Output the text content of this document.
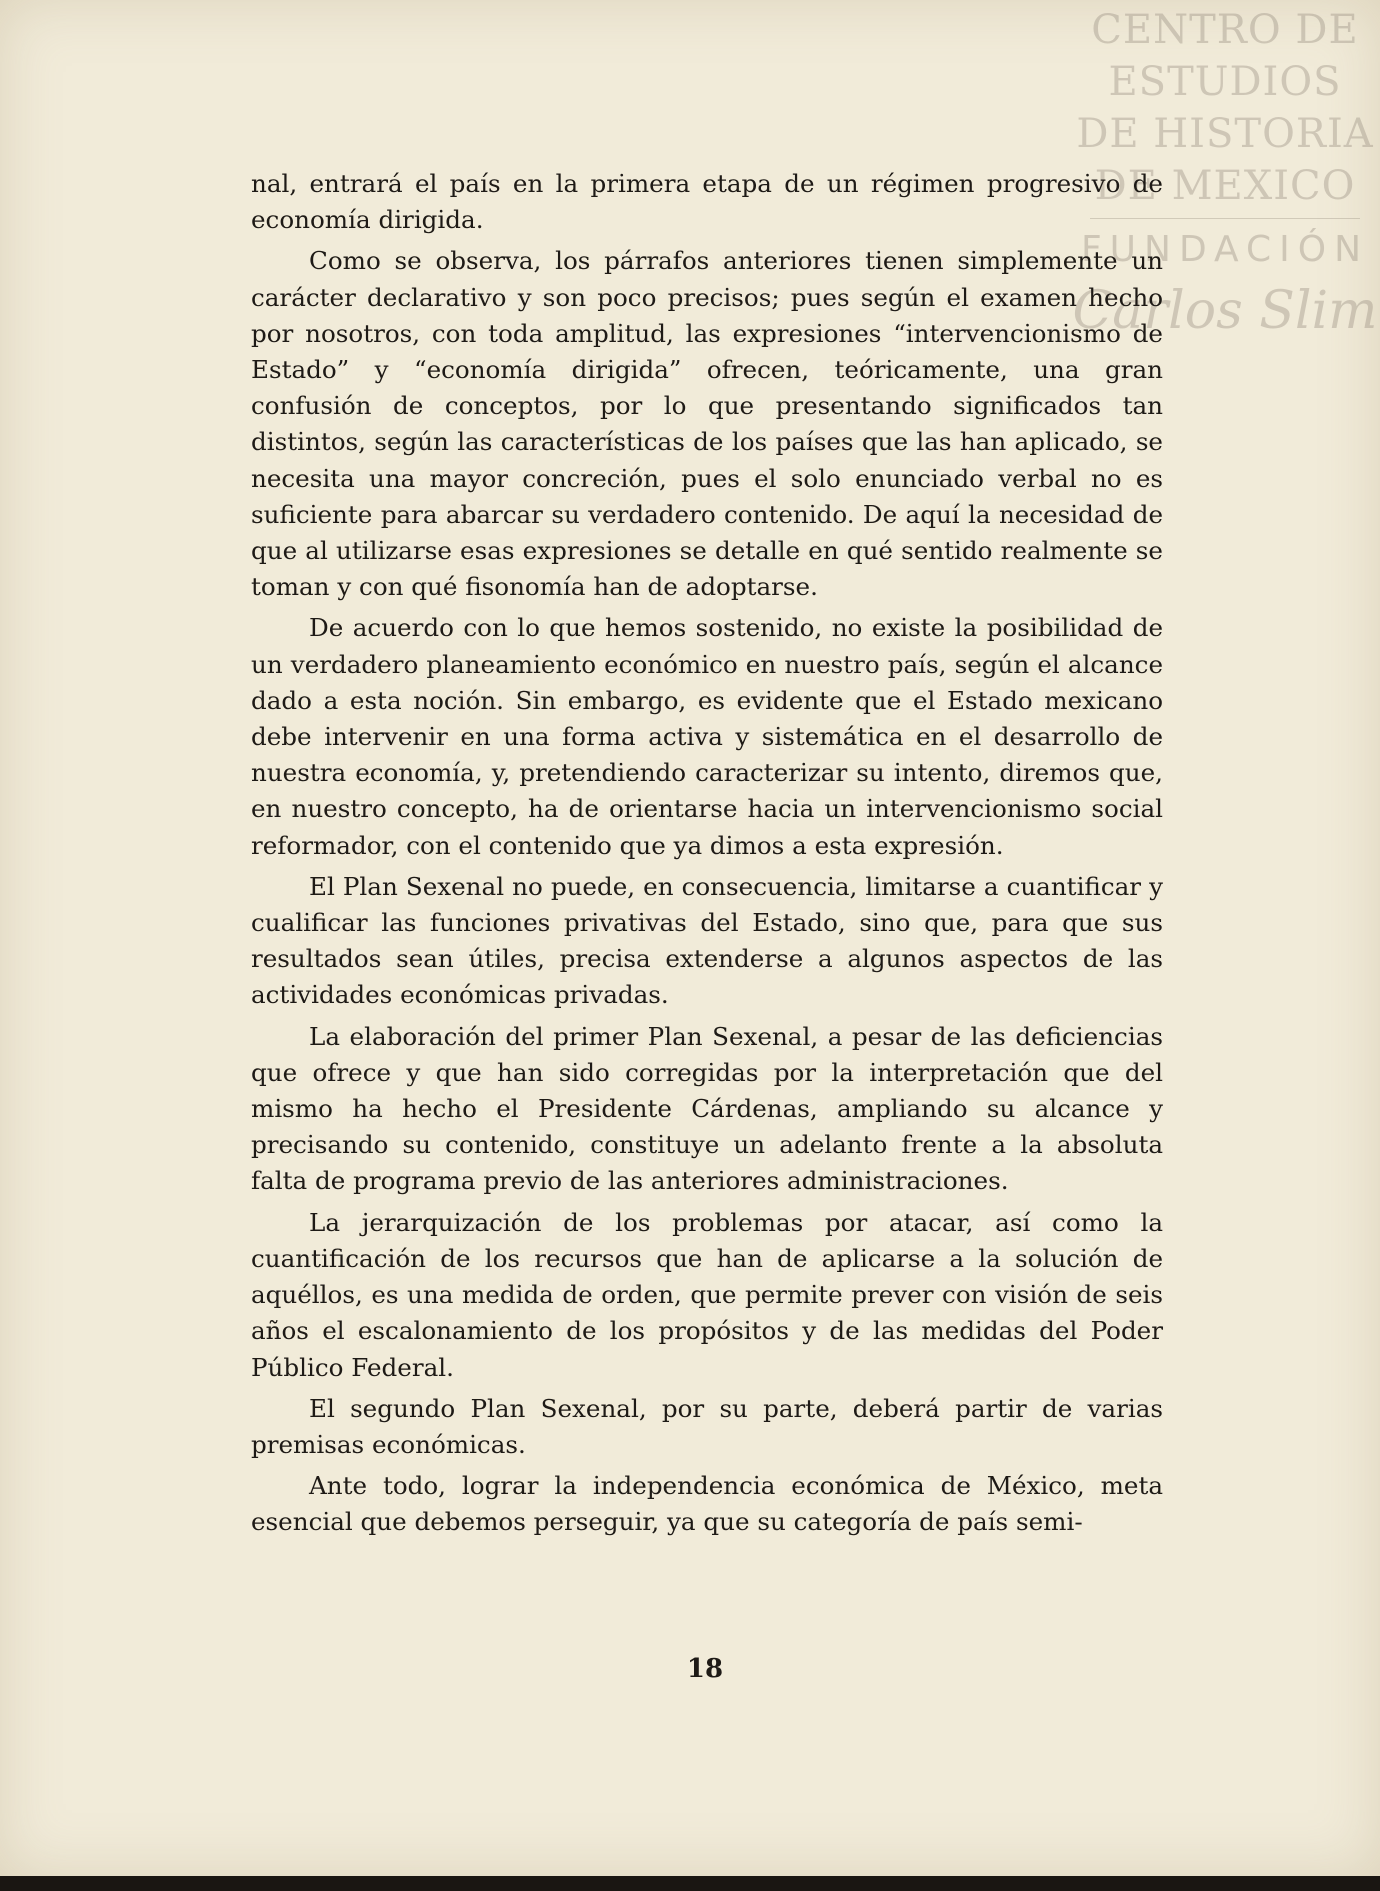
CENTRO DE
ESTUDIOS
DE HISTORIA
DE MEXICO
FUNDACIÓN
Carlos Slim

nal, entrará el país en la primera etapa de un régimen progresivo de economía dirigida.

Como se observa, los párrafos anteriores tienen simplemente un carácter declarativo y son poco precisos; pues según el examen hecho por nosotros, con toda amplitud, las expresiones “intervencionismo de Estado” y “economía dirigida” ofrecen, teóricamente, una gran confusión de conceptos, por lo que presentando significados tan distintos, según las características de los países que las han aplicado, se necesita una mayor concreción, pues el solo enunciado verbal no es suficiente para abarcar su verdadero contenido. De aquí la necesidad de que al utilizarse esas expresiones se detalle en qué sentido realmente se toman y con qué fisonomía han de adoptarse.

De acuerdo con lo que hemos sostenido, no existe la posibilidad de un verdadero planeamiento económico en nuestro país, según el alcance dado a esta noción. Sin embargo, es evidente que el Estado mexicano debe intervenir en una forma activa y sistemática en el desarrollo de nuestra economía, y, pretendiendo caracterizar su intento, diremos que, en nuestro concepto, ha de orientarse hacia un intervencionismo social reformador, con el contenido que ya dimos a esta expresión.

El Plan Sexenal no puede, en consecuencia, limitarse a cuantificar y cualificar las funciones privativas del Estado, sino que, para que sus resultados sean útiles, precisa extenderse a algunos aspectos de las actividades económicas privadas.

La elaboración del primer Plan Sexenal, a pesar de las deficiencias que ofrece y que han sido corregidas por la interpretación que del mismo ha hecho el Presidente Cárdenas, ampliando su alcance y precisando su contenido, constituye un adelanto frente a la absoluta falta de programa previo de las anteriores administraciones.

La jerarquización de los problemas por atacar, así como la cuantificación de los recursos que han de aplicarse a la solución de aquéllos, es una medida de orden, que permite prever con visión de seis años el escalonamiento de los propósitos y de las medidas del Poder Público Federal.

El segundo Plan Sexenal, por su parte, deberá partir de varias premisas económicas.

Ante todo, lograr la independencia económica de México, meta esencial que debemos perseguir, ya que su categoría de país semi-

18
